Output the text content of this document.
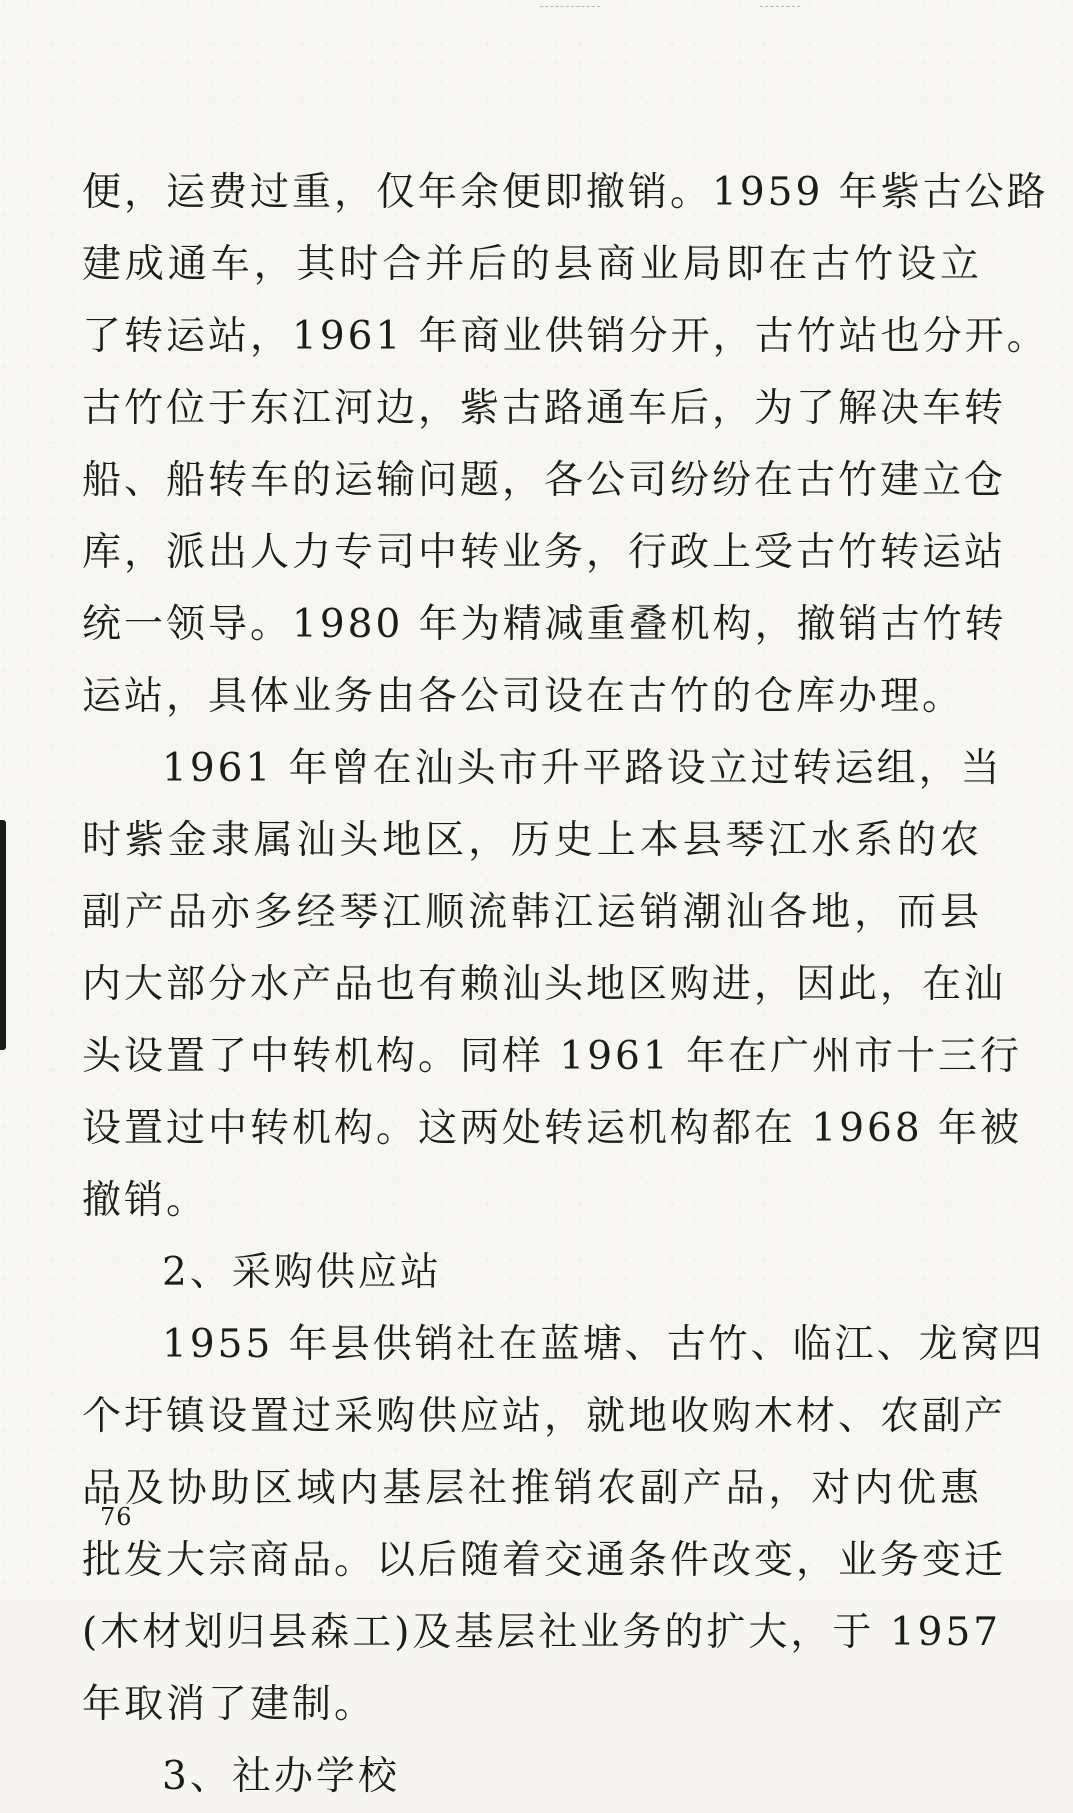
便，运费过重，仅年余便即撤销。1959 年紫古公路
建成通车，其时合并后的县商业局即在古竹设立
了转运站，1961 年商业供销分开，古竹站也分开。
古竹位于东江河边，紫古路通车后，为了解决车转
船、船转车的运输问题，各公司纷纷在古竹建立仓
库，派出人力专司中转业务，行政上受古竹转运站
统一领导。1980 年为精减重叠机构，撤销古竹转
运站，具体业务由各公司设在古竹的仓库办理。
1961 年曾在汕头市升平路设立过转运组，当
时紫金隶属汕头地区，历史上本县琴江水系的农
副产品亦多经琴江顺流韩江运销潮汕各地，而县
内大部分水产品也有赖汕头地区购进，因此，在汕
头设置了中转机构。同样 1961 年在广州市十三行
设置过中转机构。这两处转运机构都在 1968 年被
撤销。
2、采购供应站
1955 年县供销社在蓝塘、古竹、临江、龙窝四
个圩镇设置过采购供应站，就地收购木材、农副产
品及协助区域内基层社推销农副产品，对内优惠
批发大宗商品。以后随着交通条件改变，业务变迁
(木材划归县森工)及基层社业务的扩大，于 1957
年取消了建制。
3、社办学校
76
